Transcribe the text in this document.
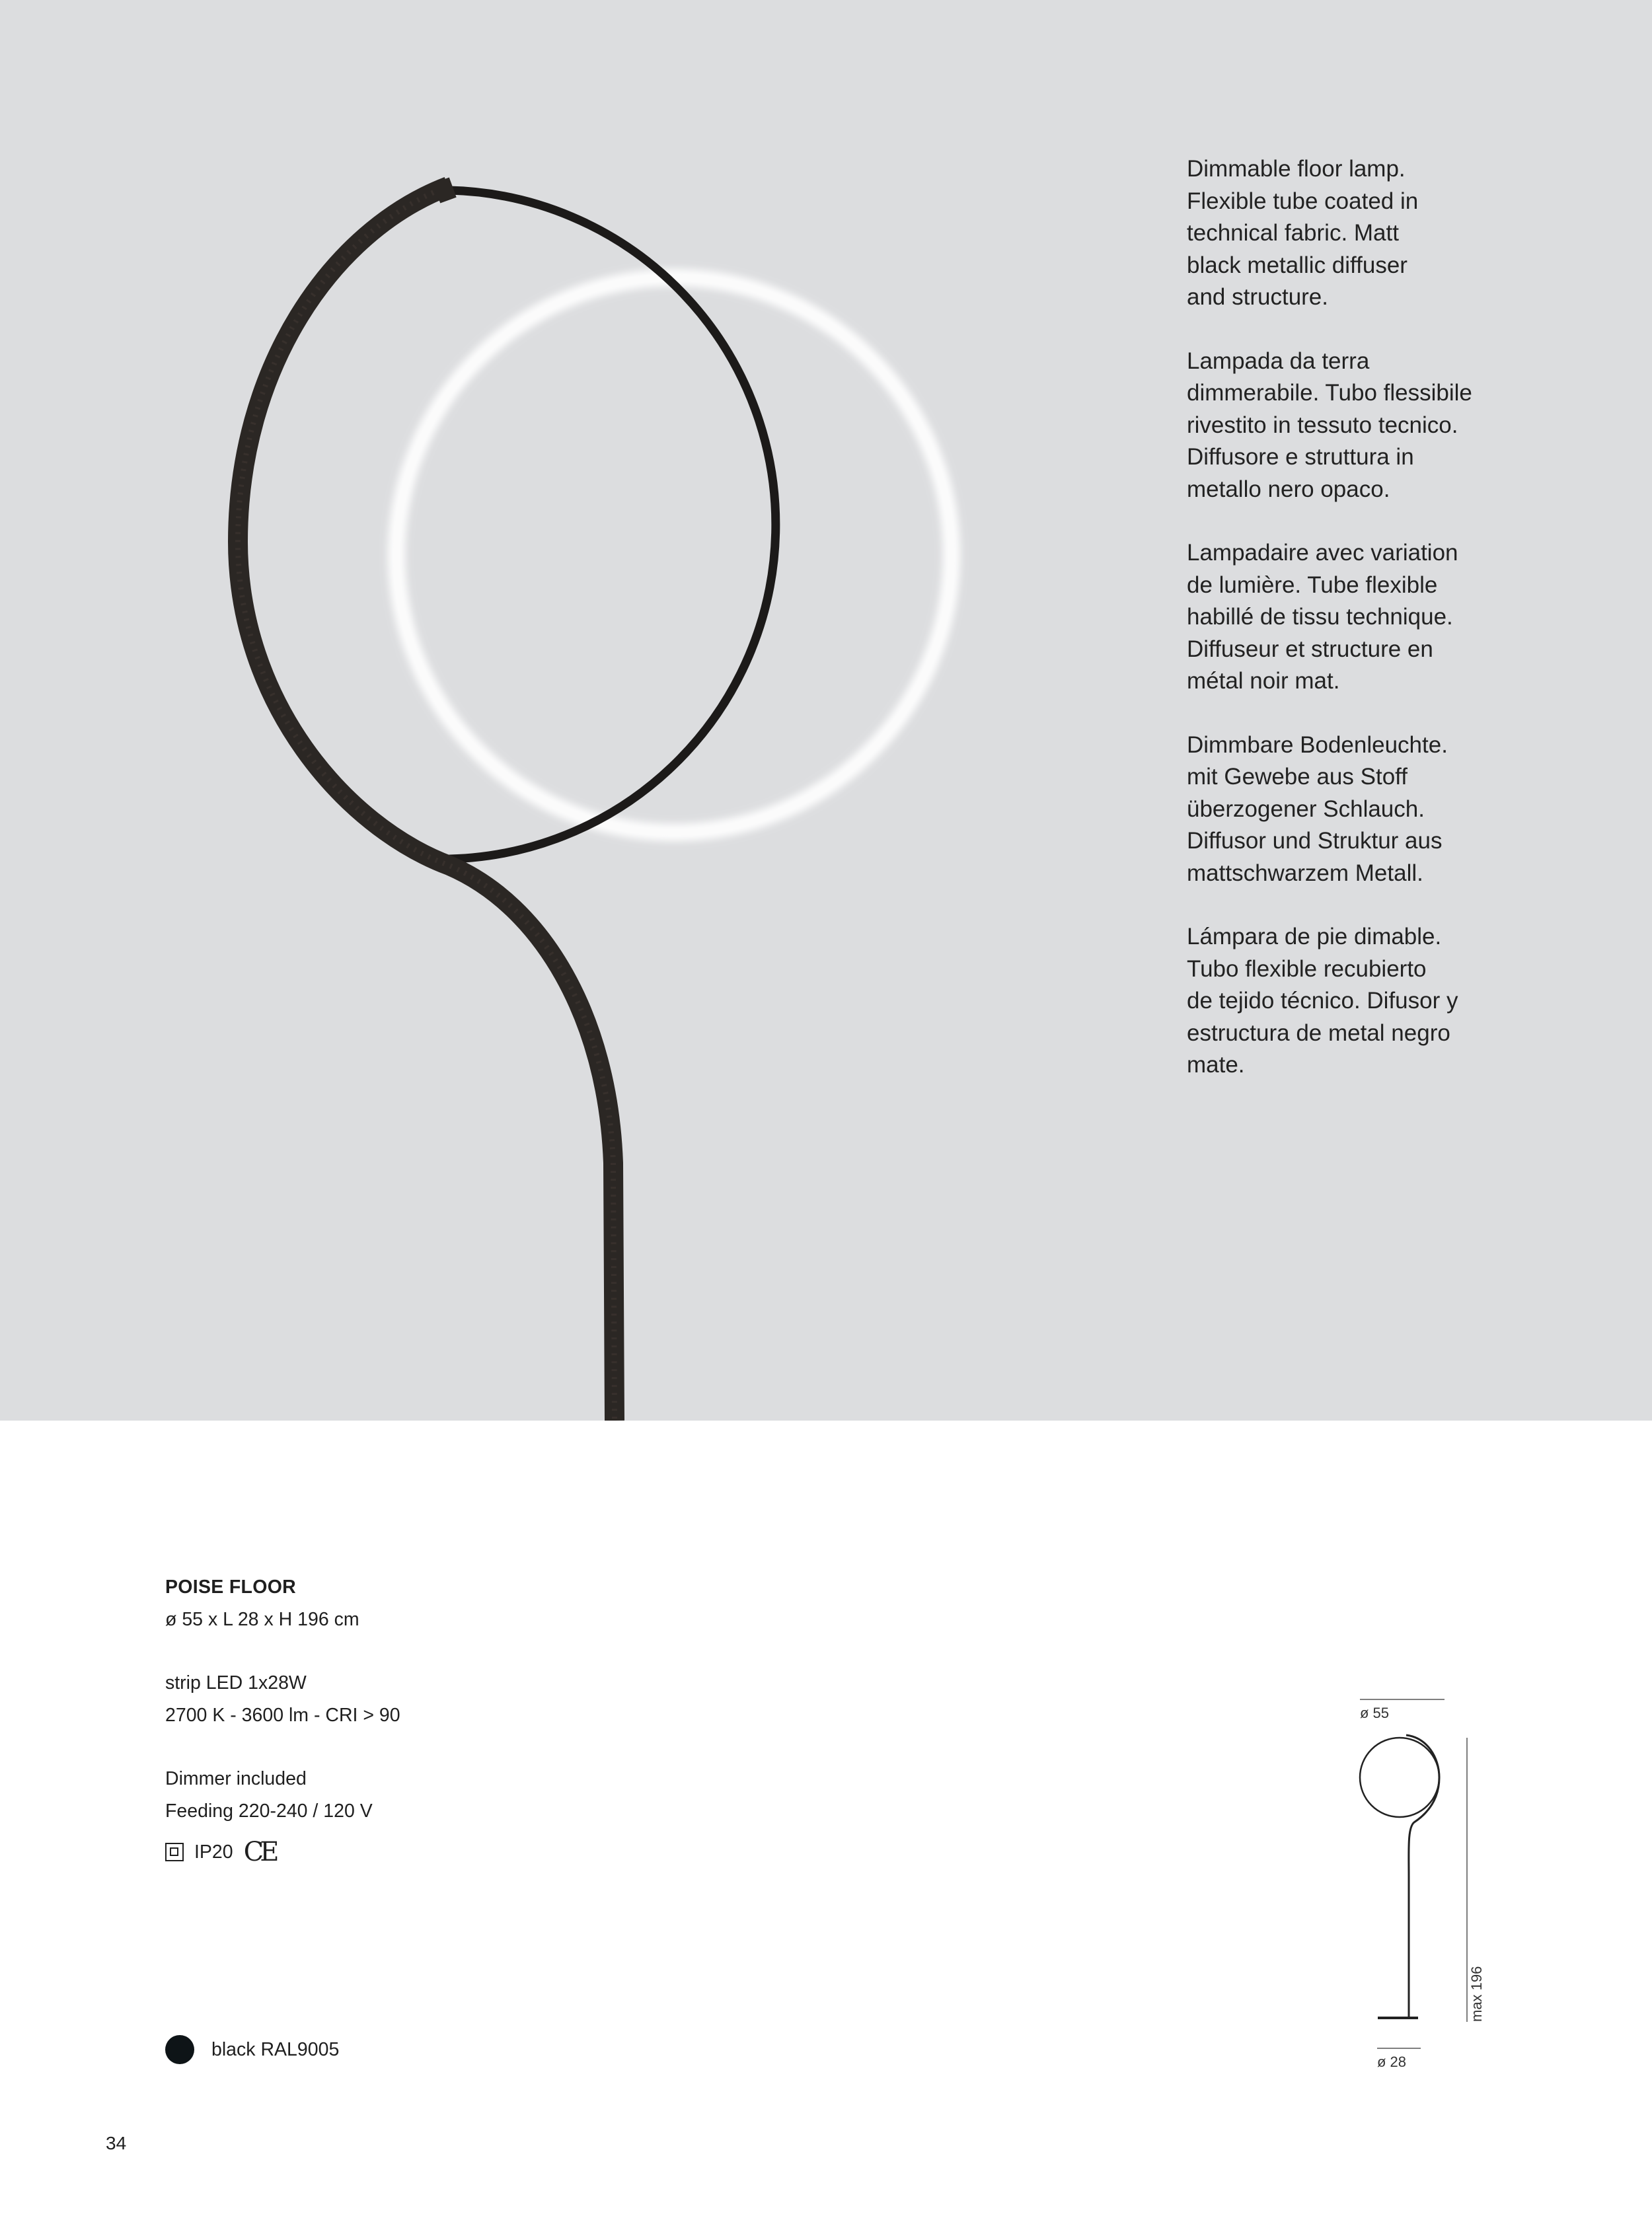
Dimmable floor lamp.
Flexible tube coated in
technical fabric. Matt
black metallic diffuser
and structure.

Lampada da terra
dimmerabile. Tubo flessibile
rivestito in tessuto tecnico.
Diffusore e struttura in
metallo nero opaco.

Lampadaire avec variation
de lumière. Tube flexible
habillé de tissu technique.
Diffuseur et structure en
métal noir mat.

Dimmbare Bodenleuchte.
mit Gewebe aus Stoff
überzogener Schlauch.
Diffusor und Struktur aus
mattschwarzem Metall.

Lámpara de pie dimable.
Tubo flexible recubierto
de tejido técnico. Difusor y
estructura de metal negro
mate.

POISE FLOOR
ø 55 x L 28 x H 196 cm
strip LED 1x28W
2700 K - 3600 lm - CRI > 90
Dimmer included
Feeding 220-240 / 120 V
IP20 CE
black RAL9005
ø 55
max 196
ø 28
34
